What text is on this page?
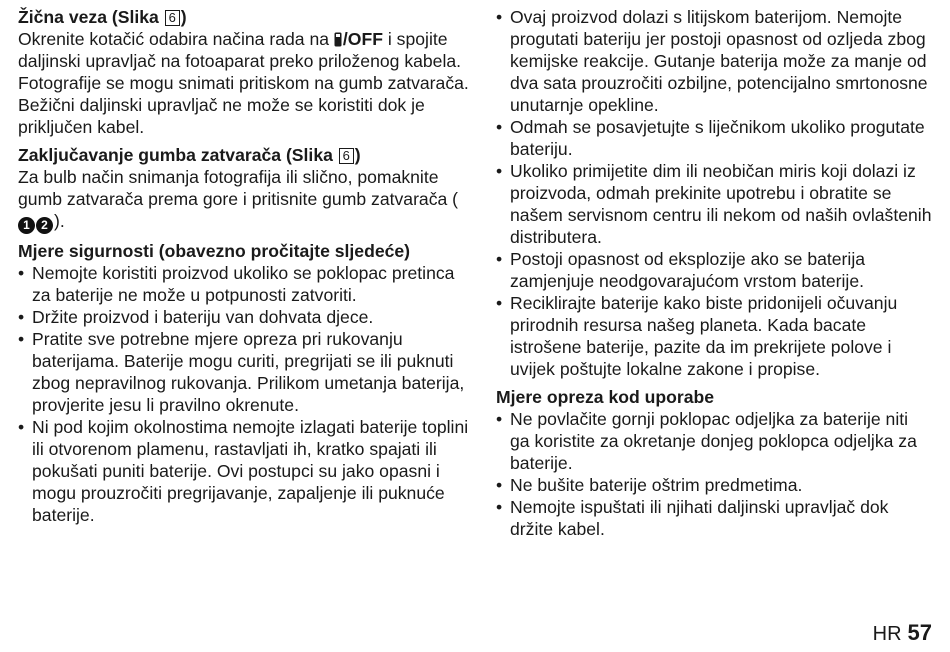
Žična veza (Slika 6 )

Okrenite kotačić odabira načina rada na /OFF i spojite daljinski upravljač na fotoaparat preko priloženog kabela. Fotografije se mogu snimati pritiskom na gumb zatvarača. Bežični daljinski upravljač ne može se koristiti dok je priključen kabel.

Zaključavanje gumba zatvarača (Slika 6 )

Za bulb način snimanja fotografija ili slično, pomaknite gumb zatvarača prema gore i pritisnite gumb zatvarača (1 2 ).

Mjere sigurnosti (obavezno pročitajte sljedeće)

• Nemojte koristiti proizvod ukoliko se poklopac pretinca za baterije ne može u potpunosti zatvoriti.
• Držite proizvod i bateriju van dohvata djece.
• Pratite sve potrebne mjere opreza pri rukovanju baterijama. Baterije mogu curiti, pregrijati se ili puknuti zbog nepravilnog rukovanja. Prilikom umetanja baterija, provjerite jesu li pravilno okrenute.
• Ni pod kojim okolnostima nemojte izlagati baterije toplini ili otvorenom plamenu, rastavljati ih, kratko spajati ili pokušati puniti baterije. Ovi postupci su jako opasni i mogu prouzročiti pregrijavanje, zapaljenje ili puknuće baterije.
• Ovaj proizvod dolazi s litijskom baterijom. Nemojte progutati bateriju jer postoji opasnost od ozljeda zbog kemijske reakcije. Gutanje baterija može za manje od dva sata prouzročiti ozbiljne, potencijalno smrtonosne unutarnje opekline.
• Odmah se posavjetujte s liječnikom ukoliko progutate bateriju.
• Ukoliko primijetite dim ili neobičan miris koji dolazi iz proizvoda, odmah prekinite upotrebu i obratite se našem servisnom centru ili nekom od naših ovlaštenih distributera.
• Postoji opasnost od eksplozije ako se baterija zamjenjuje neodgovarajućom vrstom baterije.
• Reciklirajte baterije kako biste pridonijeli očuvanju prirodnih resursa našeg planeta. Kada bacate istrošene baterije, pazite da im prekrijete polove i uvijek poštujte lokalne zakone i propise.

Mjere opreza kod uporabe

• Ne povlačite gornji poklopac odjeljka za baterije niti ga koristite za okretanje donjeg poklopca odjeljka za baterije.
• Ne bušite baterije oštrim predmetima.
• Nemojte ispuštati ili njihati daljinski upravljač dok držite kabel.
HR 57
